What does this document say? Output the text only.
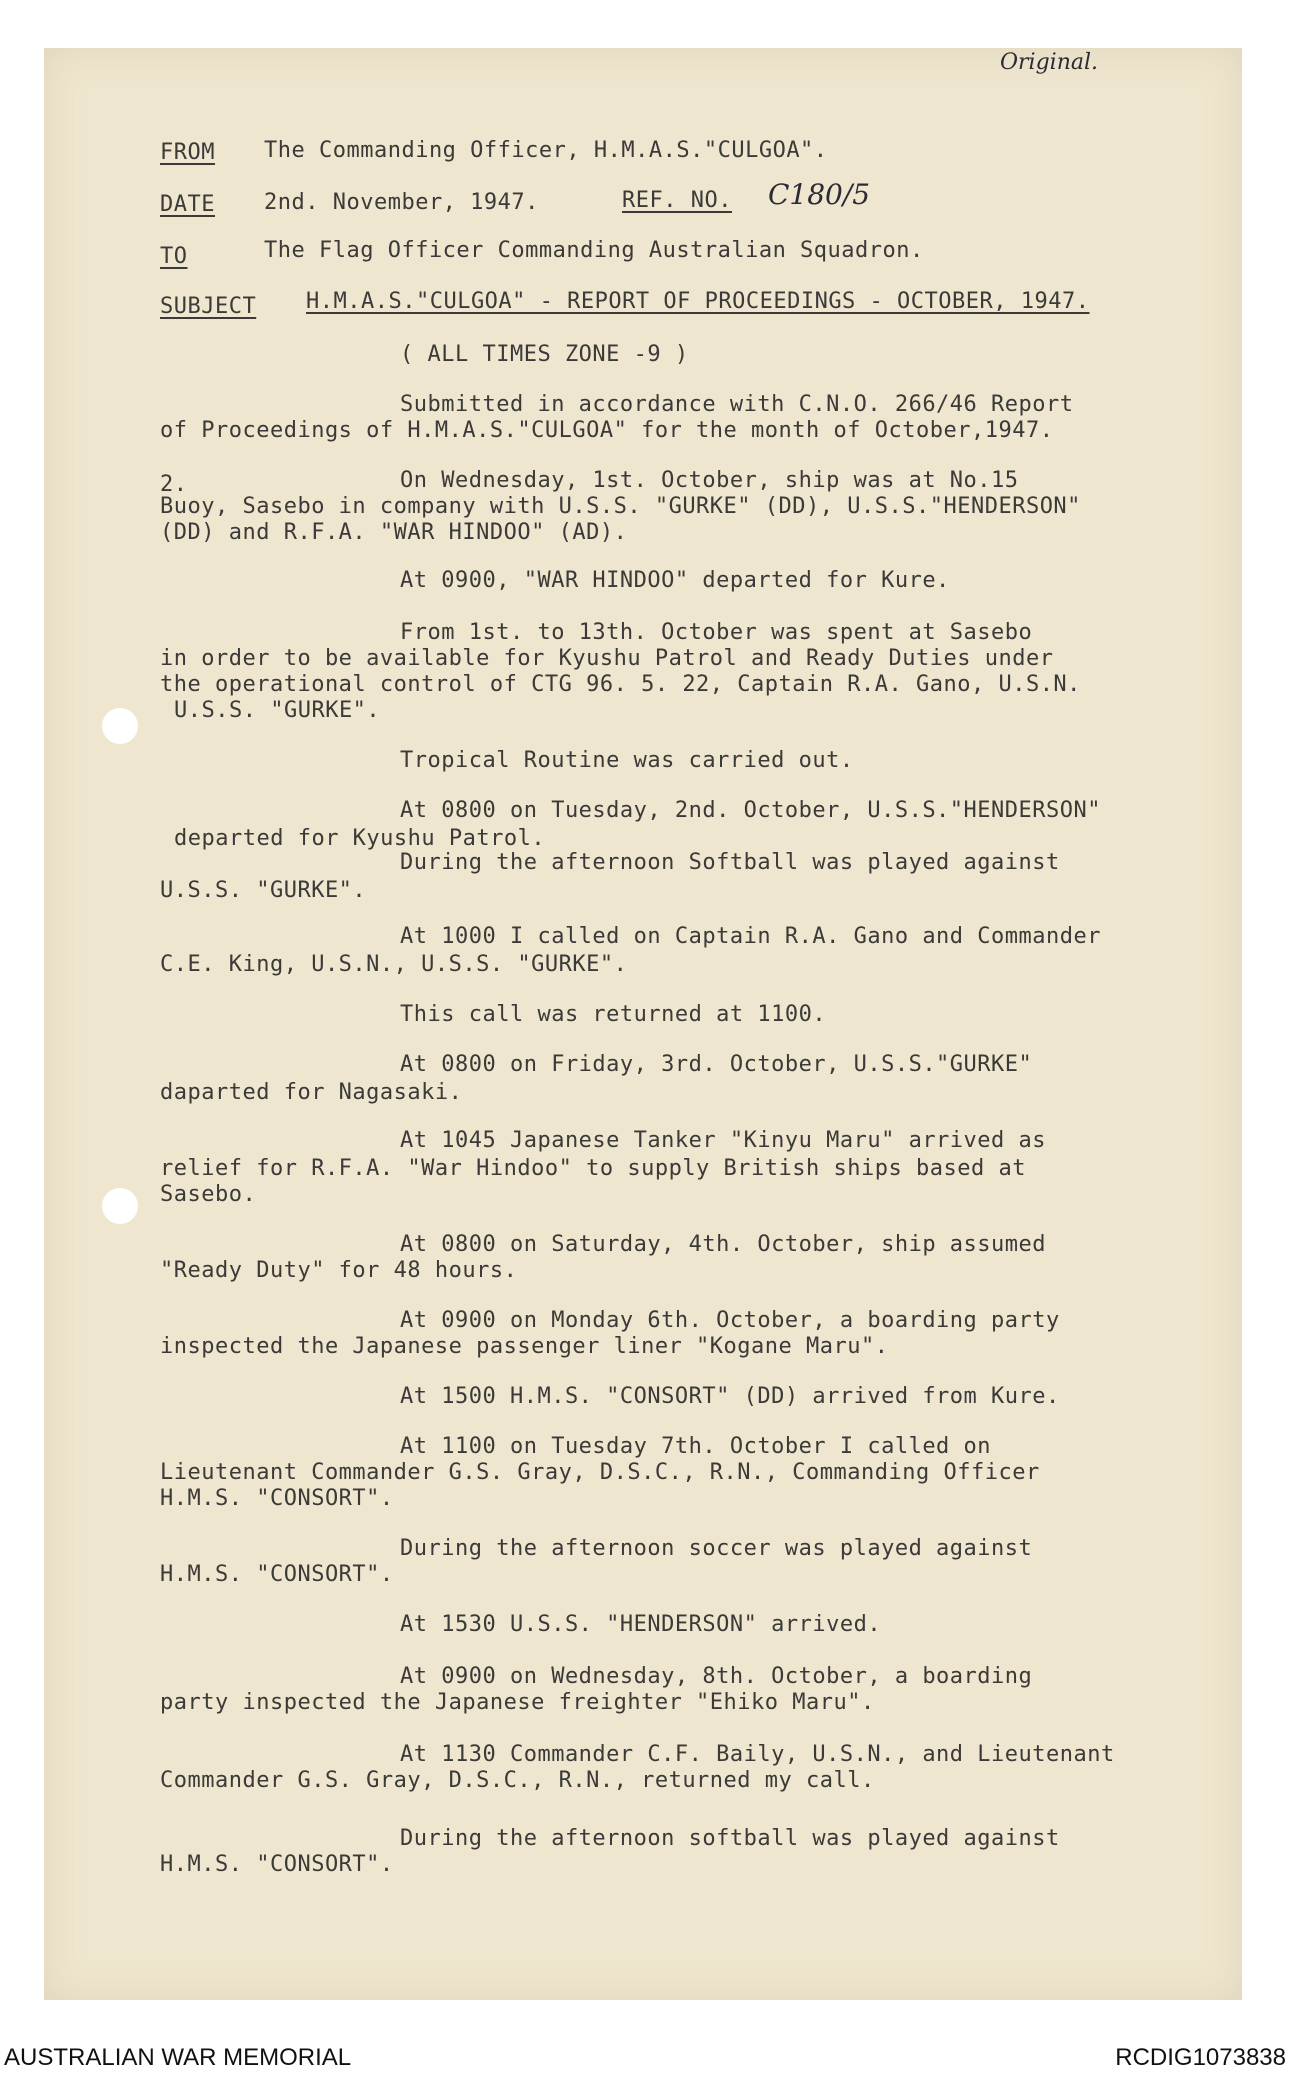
Original.
FROM The Commanding Officer, H.M.A.S."CULGOA".
DATE 2nd. November, 1947.	REF. NO. C180/5
TO	The Flag Officer Commanding Australian Squadron.
SUBJECT H.M.A.S."CULGOA" - REPORT OF PROCEEDINGS - OCTOBER, 1947.
( ALL TIMES ZONE -9 )
Submitted in accordance with C.N.O. 266/46 Report
of Proceedings of H.M.A.S."CULGOA" for the month of October,1947.
2.	On Wednesday, 1st. October, ship was at No.15
Buoy, Sasebo in company with U.S.S. "GURKE" (DD), U.S.S."HENDERSON"
(DD) and R.F.A. "WAR HINDOO" (AD).
At 0900, "WAR HINDOO" departed for Kure.
From 1st. to 13th. October was spent at Sasebo
in order to be available for Kyushu Patrol and Ready Duties under
the operational control of CTG 96. 5. 22, Captain R.A. Gano, U.S.N.
U.S.S. "GURKE".
Tropical Routine was carried out.
At 0800 on Tuesday, 2nd. October, U.S.S."HENDERSON"
departed for Kyushu Patrol.
During the afternoon Softball was played against
U.S.S. "GURKE".
At 1000 I called on Captain R.A. Gano and Commander
C.E. King, U.S.N., U.S.S. "GURKE".
This call was returned at 1100.
At 0800 on Friday, 3rd. October, U.S.S."GURKE"
daparted for Nagasaki.
At 1045 Japanese Tanker "Kinyu Maru" arrived as
relief for R.F.A. "War Hindoo" to supply British ships based at
Sasebo.
At 0800 on Saturday, 4th. October, ship assumed
"Ready Duty" for 48 hours.
At 0900 on Monday 6th. October, a boarding party
inspected the Japanese passenger liner "Kogane Maru".
At 1500 H.M.S. "CONSORT" (DD) arrived from Kure.
At 1100 on Tuesday 7th. October I called on
Lieutenant Commander G.S. Gray, D.S.C., R.N., Commanding Officer
H.M.S. "CONSORT".
During the afternoon soccer was played against
H.M.S. "CONSORT".
At 1530 U.S.S. "HENDERSON" arrived.
At 0900 on Wednesday, 8th. October, a boarding
party inspected the Japanese freighter "Ehiko Maru".
At 1130 Commander C.F. Baily, U.S.N., and Lieutenant
Commander G.S. Gray, D.S.C., R.N., returned my call.
During the afternoon softball was played against
H.M.S. "CONSORT".
AUSTRALIAN WAR MEMORIAL	RCDIG1073838
